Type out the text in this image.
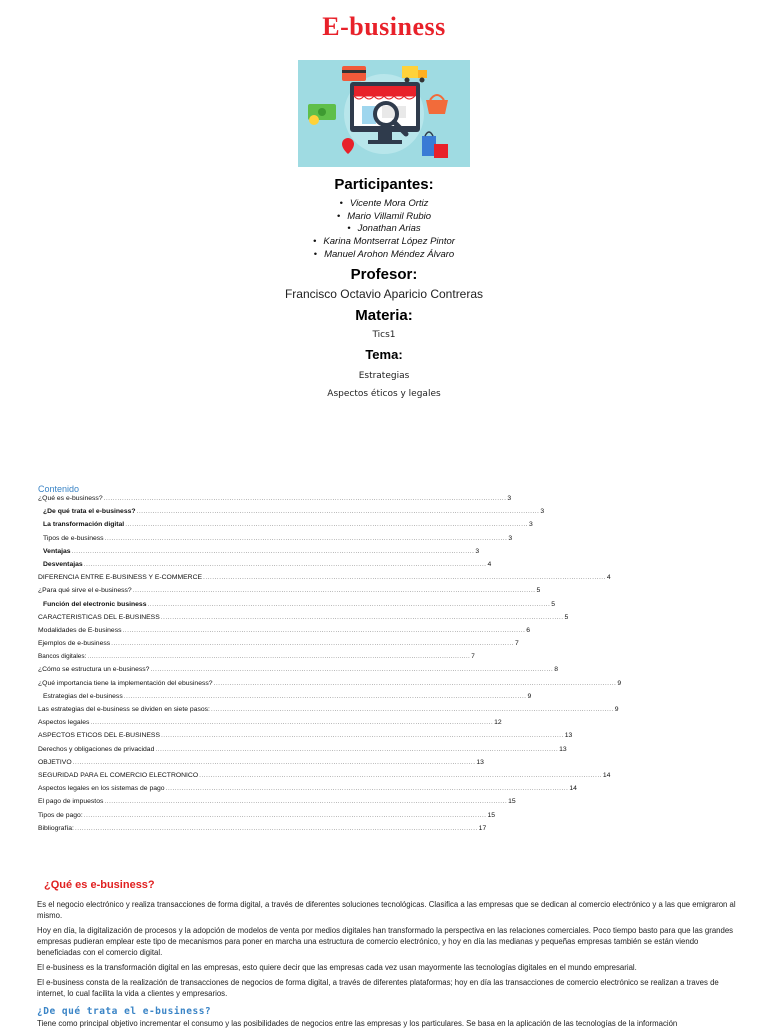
E-business
Participantes:
• Vicente Mora Ortiz
• Mario Villamil Rubio
• Jonathan Arias
• Karina Montserrat López Pintor
• Manuel Arohon Méndez Álvaro
Profesor:
Francisco Octavio Aparicio Contreras
Materia:
Tics1
Tema:
Estrategias
Aspectos éticos y legales
Contenido
¿Qué es e-business? ................................................................................................................................................................................ 3
¿De qué trata el e-business? ................................................................................................................................................................................ 3
La transformación digital ................................................................................................................................................................................ 3
Tipos de e-business ................................................................................................................................................................................ 3
Ventajas ................................................................................................................................................................................ 3
Desventajas ................................................................................................................................................................................ 4
DIFERENCIA ENTRE E-BUSINESS Y E-COMMERCE ................................................................................................................................................................................ 4
¿Para qué sirve el e-business? ................................................................................................................................................................................ 5
Función del electronic business ................................................................................................................................................................................ 5
CARACTERISTICAS DEL E-BUSINESS ................................................................................................................................................................................ 5
Modalidades de E-business ................................................................................................................................................................................ 6
Ejemplos de e-business ................................................................................................................................................................................ 7
Bancos digitales: ................................................................................................................................................................................ 7
¿Cómo se estructura un e-business? ................................................................................................................................................................................ 8
¿Qué importancia tiene la implementación del ebusiness? ................................................................................................................................................................................ 9
Estrategias del e-business ................................................................................................................................................................................ 9
Las estrategias del e-business se dividen en siete pasos: ................................................................................................................................................................................ 9
Aspectos legales ................................................................................................................................................................................ 12
ASPECTOS ETICOS DEL E-BUSINESS ................................................................................................................................................................................ 13
Derechos y obligaciones de privacidad ................................................................................................................................................................................ 13
OBJETIVO ................................................................................................................................................................................ 13
SEGURIDAD PARA EL COMERCIO ELECTRONICO ................................................................................................................................................................................ 14
Aspectos legales en los sistemas de pago ................................................................................................................................................................................ 14
El pago de impuestos ................................................................................................................................................................................ 15
Tipos de pago: ................................................................................................................................................................................ 15
Bibliografía: ................................................................................................................................................................................ 17
¿Qué es e-business?
Es el negocio electrónico y realiza transacciones de forma digital, a través de diferentes soluciones tecnológicas. Clasifica a las empresas que se dedican al comercio electrónico y a las que emigraron al mismo.
Hoy en día, la digitalización de procesos y la adopción de modelos de venta por medios digitales han transformado la perspectiva en las relaciones comerciales. Poco tiempo basto para que las grandes empresas pudieran emplear este tipo de mecanismos para poner en marcha una estructura de comercio electrónico, y hoy en día las medianas y pequeñas empresas también se están viendo beneficiadas con el comercio digital.
El e-business es la transformación digital en las empresas, esto quiere decir que las empresas cada vez usan mayormente las tecnologías digitales en el mundo empresarial.
El e-business consta de la realización de transacciones de negocios de forma digital, a través de diferentes plataformas; hoy en día las transacciones de comercio electrónico se realizan a traves de internet, lo cual facilita la vida a clientes y empresarios.
¿De qué trata el e-business?
Tiene como principal objetivo incrementar el consumo y las posibilidades de negocios entre las empresas y los particulares. Se basa en la aplicación de las tecnologías de la información
